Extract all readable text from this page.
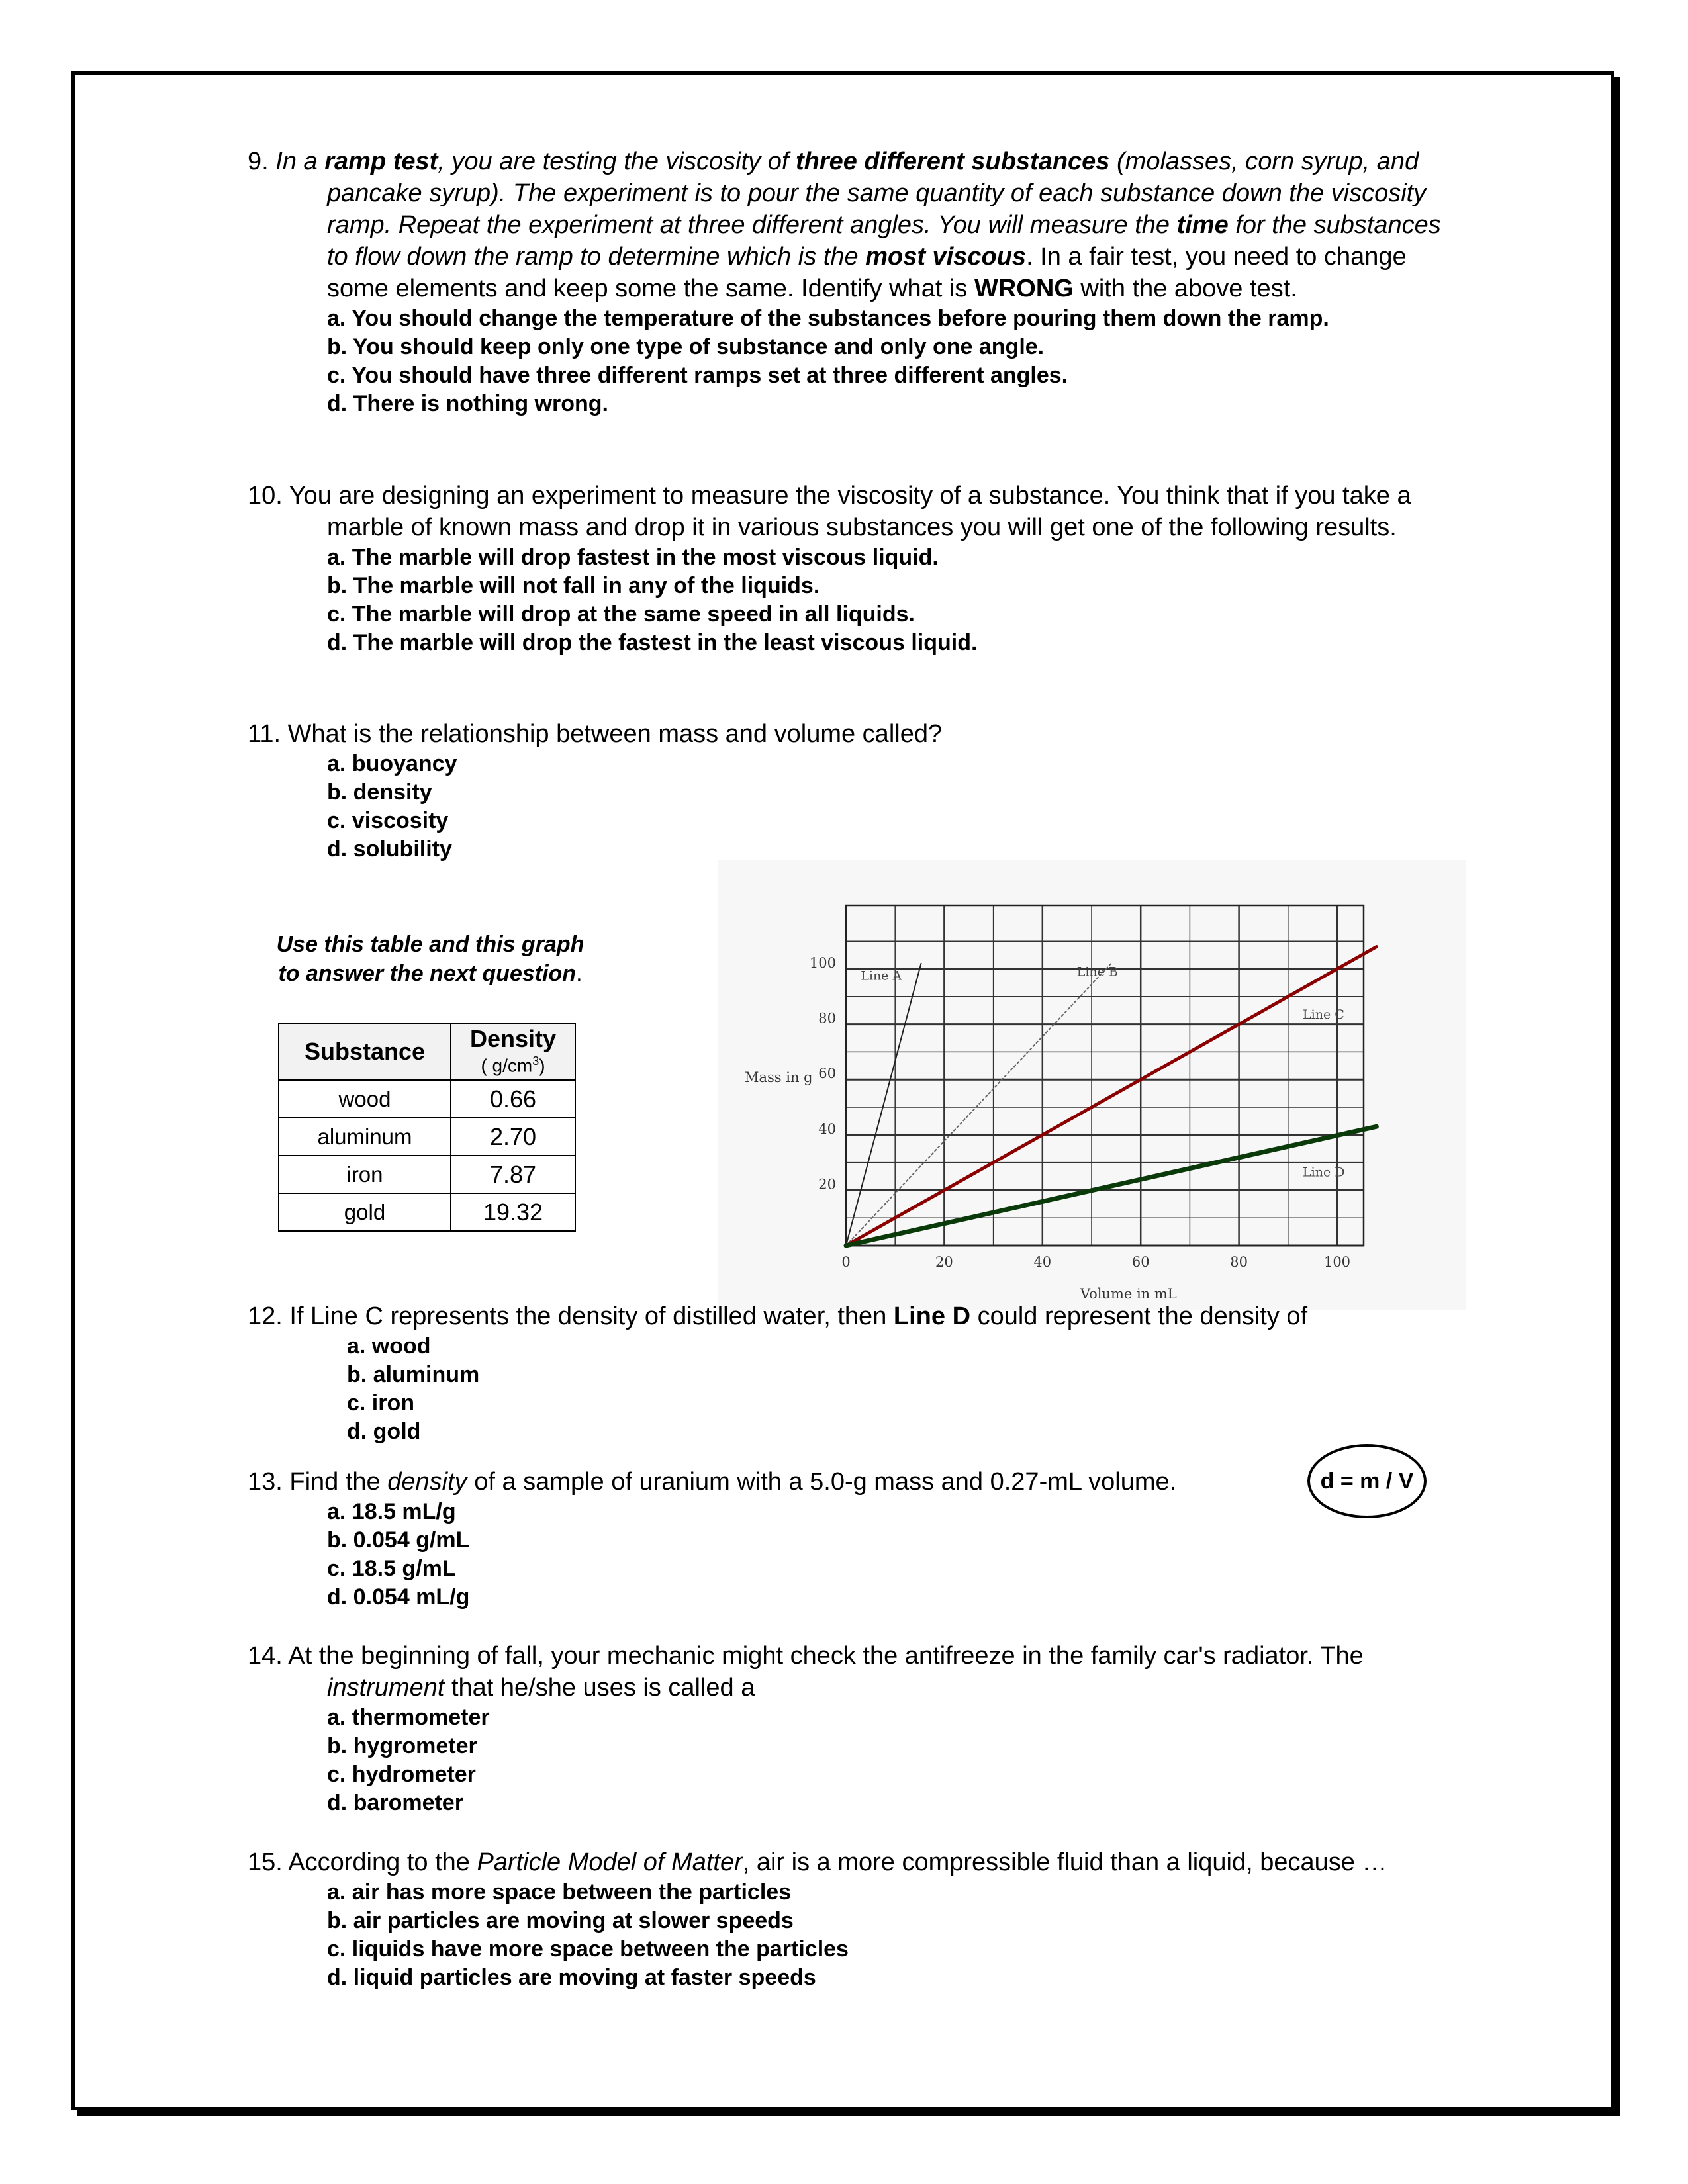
9. In a ramp test, you are testing the viscosity of three different substances (molasses, corn syrup, and pancake syrup). The experiment is to pour the same quantity of each substance down the viscosity ramp. Repeat the experiment at three different angles. You will measure the time for the substances to flow down the ramp to determine which is the most viscous. In a fair test, you need to change some elements and keep some the same. Identify what is WRONG with the above test.
a. You should change the temperature of the substances before pouring them down the ramp.
b. You should keep only one type of substance and only one angle.
c. You should have three different ramps set at three different angles.
d. There is nothing wrong.
10. You are designing an experiment to measure the viscosity of a substance. You think that if you take a marble of known mass and drop it in various substances you will get one of the following results.
a. The marble will drop fastest in the most viscous liquid.
b. The marble will not fall in any of the liquids.
c. The marble will drop at the same speed in all liquids.
d. The marble will drop the fastest in the least viscous liquid.
11. What is the relationship between mass and volume called?
a. buoyancy
b. density
c. viscosity
d. solubility
Use this table and this graph
to answer the next question.
Substance	Density
( $g/cm^3$)

wood	0.66
aluminum	2.70
iron	7.87
gold	19.32
0	20	40	60	80	100
20
40
60
80
100
Volume in mL
Mass in g
Line A	Line B
Line C
Line D
12. If Line C represents the density of distilled water, then Line D could represent the density of
a. wood
b. aluminum
c. iron
d. gold
13. Find the density of a sample of uranium with a 5.0-g mass and 0.27-mL volume.
a. 18.5 mL/g
b. 0.054 g/mL
c. 18.5 g/mL
d. 0.054 mL/g
d = m / V
14. At the beginning of fall, your mechanic might check the antifreeze in the family car's radiator. The instrument that he/she uses is called a
a. thermometer
b. hygrometer
c. hydrometer
d. barometer
15. According to the Particle Model of Matter, air is a more compressible fluid than a liquid, because …
a. air has more space between the particles
b. air particles are moving at slower speeds
c. liquids have more space between the particles
d. liquid particles are moving at faster speeds
